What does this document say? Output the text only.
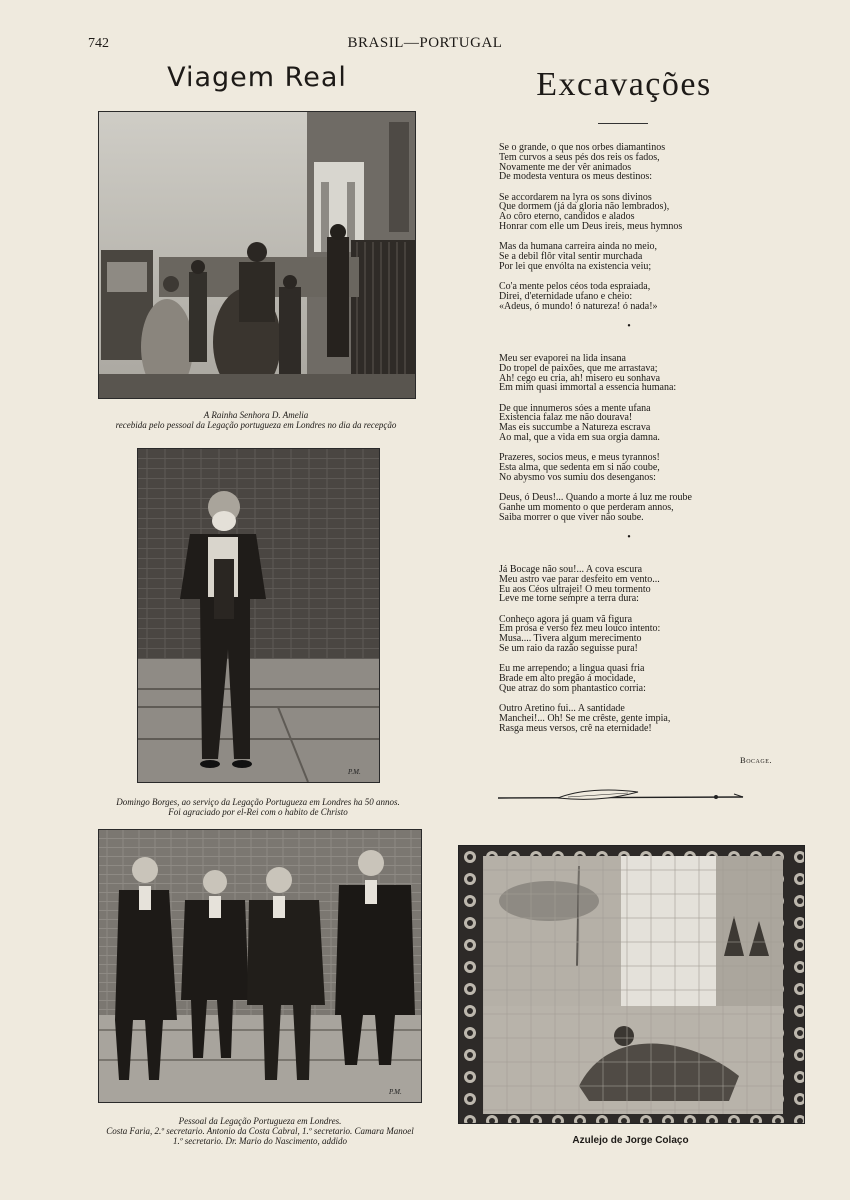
742	BRASIL—PORTUGAL
Viagem Real
A Rainha Senhora D. Amelia
recebida pelo pessoal da Legação portugueza em Londres no dia da recepção
P.M.
Domingo Borges, ao serviço da Legação Portugueza em Londres ha 50 annos.
Foi agraciado por el-Rei com o habito de Christo
P.M.
Pessoal da Legação Portugueza em Londres.
Costa Faria, 2.º secretario. Antonio da Costa Cabral, 1.º secretario. Camara Manoel
1.º secretario. Dr. Mario do Nascimento, addido
Excavações
Se o grande, o que nos orbes diamantinos
Tem curvos a seus pés dos reis os fados,
Novamente me der vêr animados
De modesta ventura os meus destinos:
Se accordarem na lyra os sons divinos
Que dormem (já da gloria não lembrados),
Ao côro eterno, candidos e alados
Honrar com elle um Deus ireis, meus hymnos
Mas da humana carreira ainda no meio,
Se a debil flôr vital sentir murchada
Por lei que envólta na existencia veiu;
Co'a mente pelos céos toda espraiada,
Direi, d'eternidade ufano e cheio:
«Adeus, ó mundo! ó natureza! ó nada!»
•
Meu ser evaporei na lida insana
Do tropel de paixões, que me arrastava;
Ah! cego eu cria, ah! misero eu sonhava
Em mim quasi immortal a essencia humana:
De que innumeros sóes a mente ufana
Existencia falaz me não dourava!
Mas eis succumbe a Natureza escrava
Ao mal, que a vida em sua orgia damna.
Prazeres, socios meus, e meus tyrannos!
Esta alma, que sedenta em si não coube,
No abysmo vos sumiu dos desenganos:
Deus, ó Deus!... Quando a morte á luz me roube
Ganhe um momento o que perderam annos,
Saiba morrer o que viver não soube.
•
Já Bocage não sou!... A cova escura
Meu astro vae parar desfeito em vento...
Eu aos Céos ultrajei! O meu tormento
Leve me torne sempre a terra dura:
Conheço agora já quam vã figura
Em prosa e verso fez meu louco intento:
Musa.... Tivera algum merecimento
Se um raio da razão seguisse pura!
Eu me arrependo; a lingua quasi fria
Brade em alto pregão á mocidade,
Que atraz do som phantastico corria:
Outro Aretino fui... A santidade
Manchei!... Oh! Se me crêste, gente impia,
Rasga meus versos, crê na eternidade!
Bocage.
Azulejo de Jorge Colaço
